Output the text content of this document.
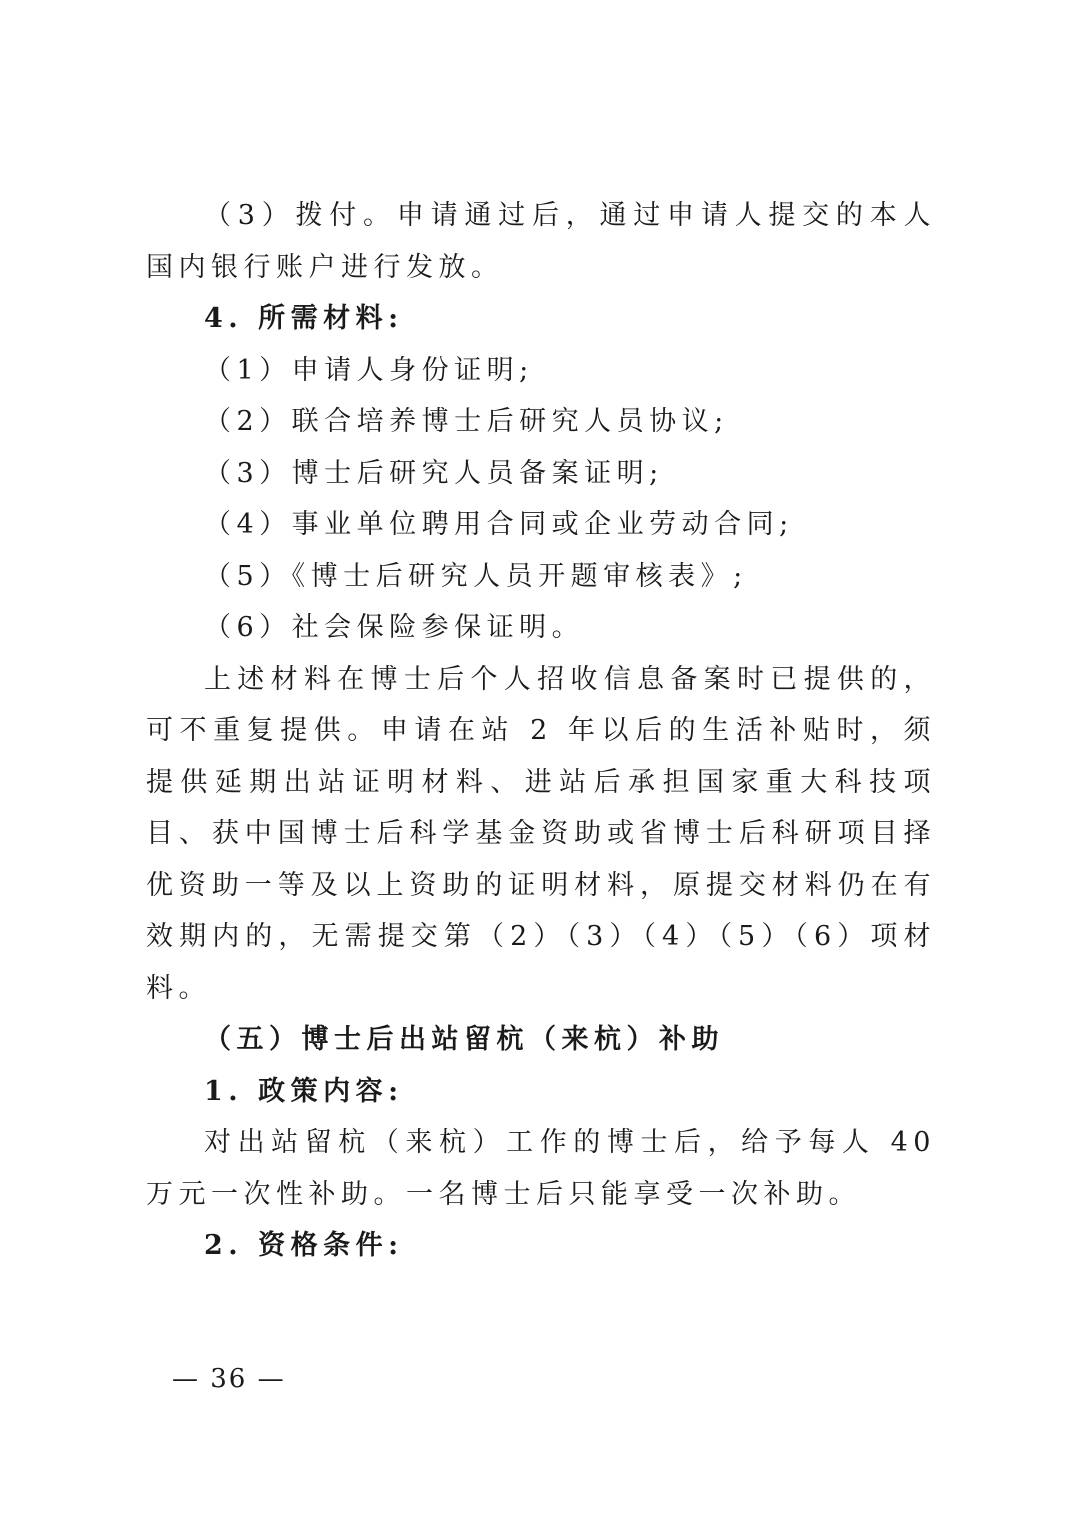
（3）拨付。申请通过后，通过申请人提交的本人国内银行账户进行发放。

4. 所需材料:

（1）申请人身份证明;

（2）联合培养博士后研究人员协议;

（3）博士后研究人员备案证明;

（4）事业单位聘用合同或企业劳动合同;

（5）《博士后研究人员开题审核表》;

（6）社会保险参保证明。

上述材料在博士后个人招收信息备案时已提供的，可不重复提供。申请在站 2 年以后的生活补贴时，须提供延期出站证明材料、进站后承担国家重大科技项目、获中国博士后科学基金资助或省博士后科研项目择优资助一等及以上资助的证明材料，原提交材料仍在有效期内的，无需提交第（2）（3）（4）（5）（6）项材料。

（五）博士后出站留杭（来杭）补助

1. 政策内容:

对出站留杭（来杭）工作的博士后，给予每人 40 万元一次性补助。一名博士后只能享受一次补助。

2. 资格条件:

— 36 —
